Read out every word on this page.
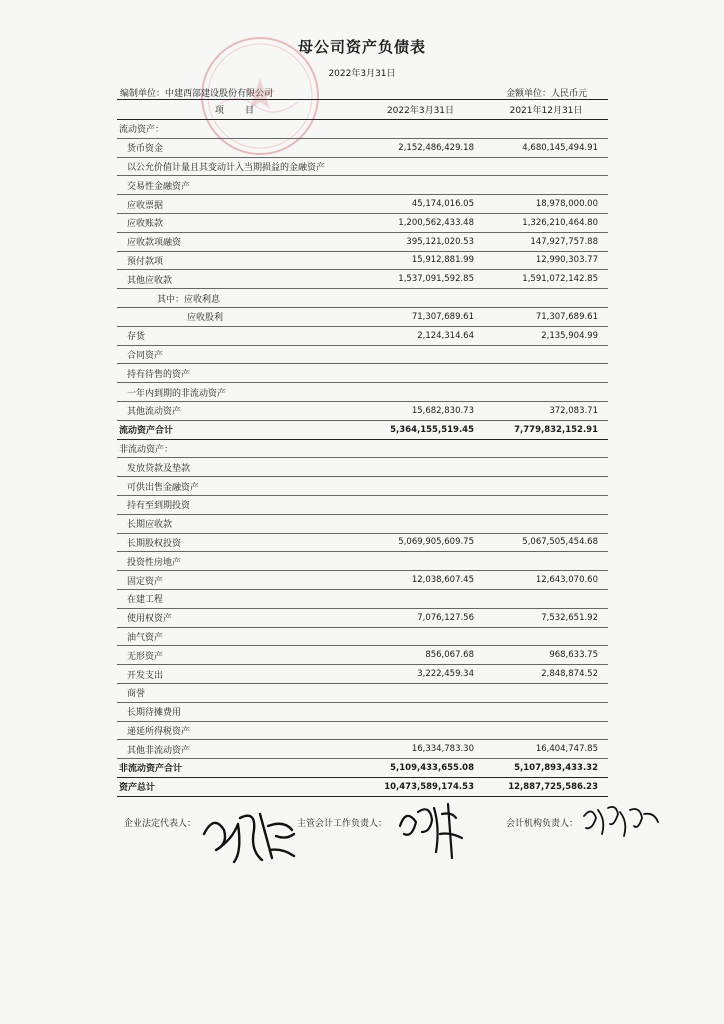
母公司资产负债表
2022年3月31日
编制单位：中建西部建设股份有限公司	金额单位：人民币元
项　目	2022年3月31日	2021年12月31日
流动资产：		
货币资金	2,152,486,429.18	4,680,145,494.91
以公允价值计量且其变动计入当期损益的金融资产		
交易性金融资产		
应收票据	45,174,016.05	18,978,000.00
应收账款	1,200,562,433.48	1,326,210,464.80
应收款项融资	395,121,020.53	147,927,757.88
预付款项	15,912,881.99	12,990,303.77
其他应收款	1,537,091,592.85	1,591,072,142.85
其中：应收利息		
应收股利	71,307,689.61	71,307,689.61
存货	2,124,314.64	2,135,904.99
合同资产		
持有待售的资产		
一年内到期的非流动资产		
其他流动资产	15,682,830.73	372,083.71
流动资产合计	5,364,155,519.45	7,779,832,152.91
非流动资产：		
发放贷款及垫款		
可供出售金融资产		
持有至到期投资		
长期应收款		
长期股权投资	5,069,905,609.75	5,067,505,454.68
投资性房地产		
固定资产	12,038,607.45	12,643,070.60
在建工程		
使用权资产	7,076,127.56	7,532,651.92
油气资产		
无形资产	856,067.68	968,633.75
开发支出	3,222,459.34	2,848,874.52
商誉		
长期待摊费用		
递延所得税资产		
其他非流动资产	16,334,783.30	16,404,747.85
非流动资产合计	5,109,433,655.08	5,107,893,433.32
资产总计	10,473,589,174.53	12,887,725,586.23
企业法定代表人：	主管会计工作负责人：	会计机构负责人：
